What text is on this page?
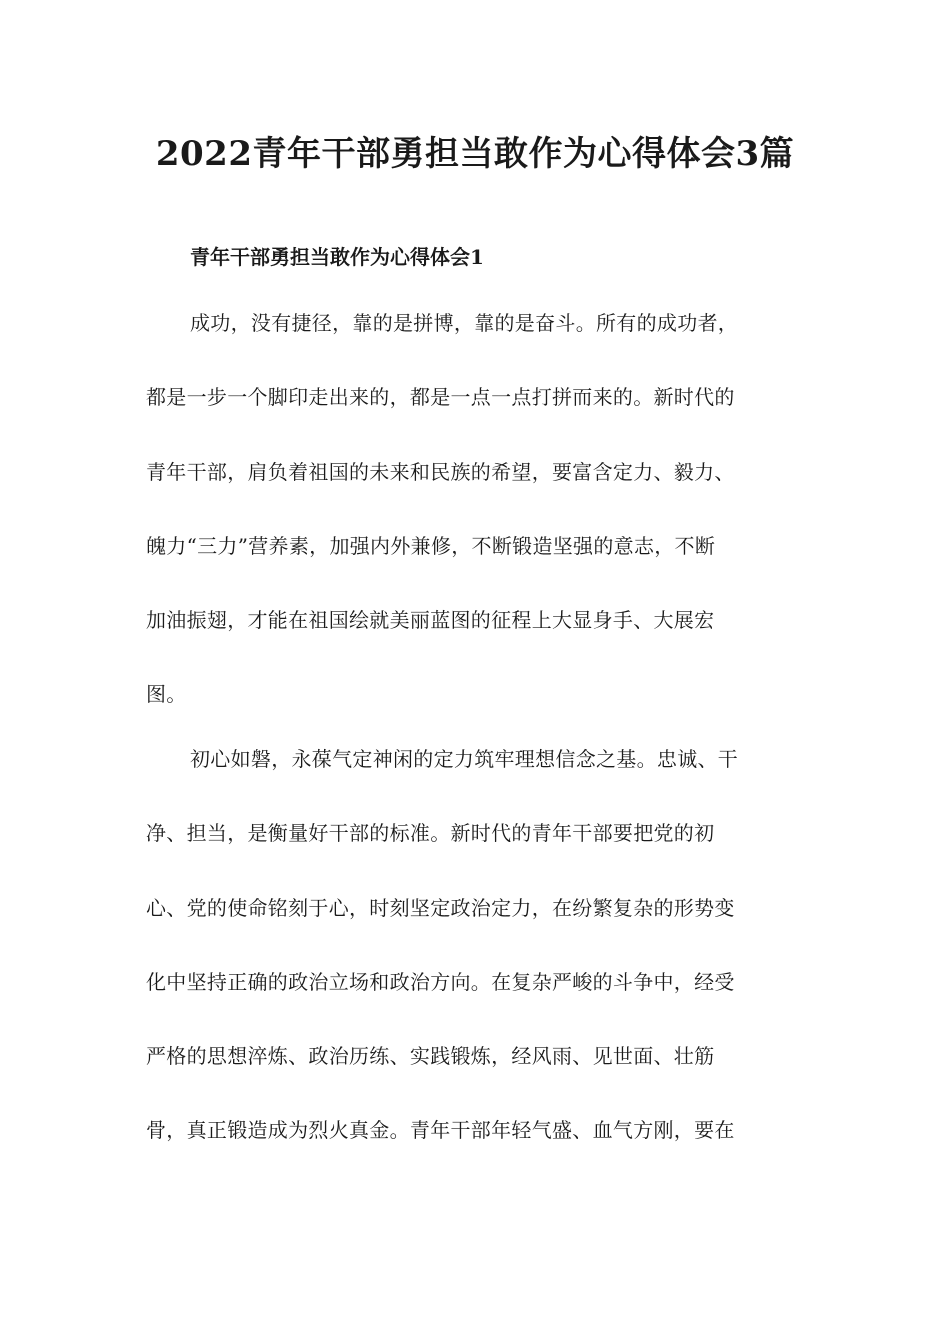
2022青年干部勇担当敢作为心得体会3篇
青年干部勇担当敢作为心得体会1
成功，没有捷径，靠的是拼博，靠的是奋斗。所有的成功者，
都是一步一个脚印走出来的，都是一点一点打拼而来的。新时代的
青年干部，肩负着祖国的未来和民族的希望，要富含定力、毅力、
魄力“三力”营养素，加强内外兼修，不断锻造坚强的意志，不断
加油振翅，才能在祖国绘就美丽蓝图的征程上大显身手、大展宏
图。
初心如磐，永葆气定神闲的定力筑牢理想信念之基。忠诚、干
净、担当，是衡量好干部的标准。新时代的青年干部要把党的初
心、党的使命铭刻于心，时刻坚定政治定力，在纷繁复杂的形势变
化中坚持正确的政治立场和政治方向。在复杂严峻的斗争中，经受
严格的思想淬炼、政治历练、实践锻炼，经风雨、见世面、壮筋
骨，真正锻造成为烈火真金。青年干部年轻气盛、血气方刚，要在
